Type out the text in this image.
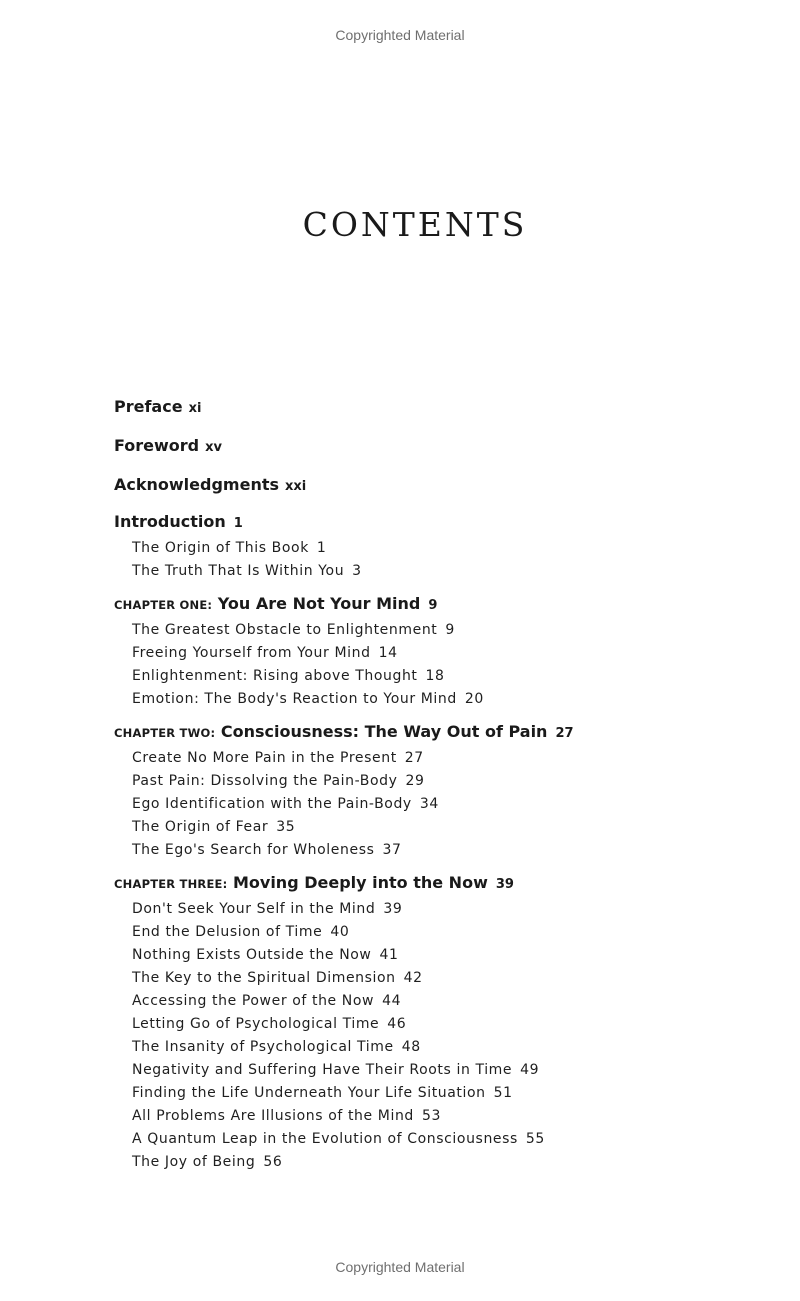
Copyrighted Material
CONTENTS
Preface xi
Foreword xv
Acknowledgments xxi
Introduction 1
The Origin of This Book 1
The Truth That Is Within You 3
CHAPTER ONE: You Are Not Your Mind 9
The Greatest Obstacle to Enlightenment 9
Freeing Yourself from Your Mind 14
Enlightenment: Rising above Thought 18
Emotion: The Body's Reaction to Your Mind 20
CHAPTER TWO: Consciousness: The Way Out of Pain 27
Create No More Pain in the Present 27
Past Pain: Dissolving the Pain-Body 29
Ego Identification with the Pain-Body 34
The Origin of Fear 35
The Ego's Search for Wholeness 37
CHAPTER THREE: Moving Deeply into the Now 39
Don't Seek Your Self in the Mind 39
End the Delusion of Time 40
Nothing Exists Outside the Now 41
The Key to the Spiritual Dimension 42
Accessing the Power of the Now 44
Letting Go of Psychological Time 46
The Insanity of Psychological Time 48
Negativity and Suffering Have Their Roots in Time 49
Finding the Life Underneath Your Life Situation 51
All Problems Are Illusions of the Mind 53
A Quantum Leap in the Evolution of Consciousness 55
The Joy of Being 56
Copyrighted Material
